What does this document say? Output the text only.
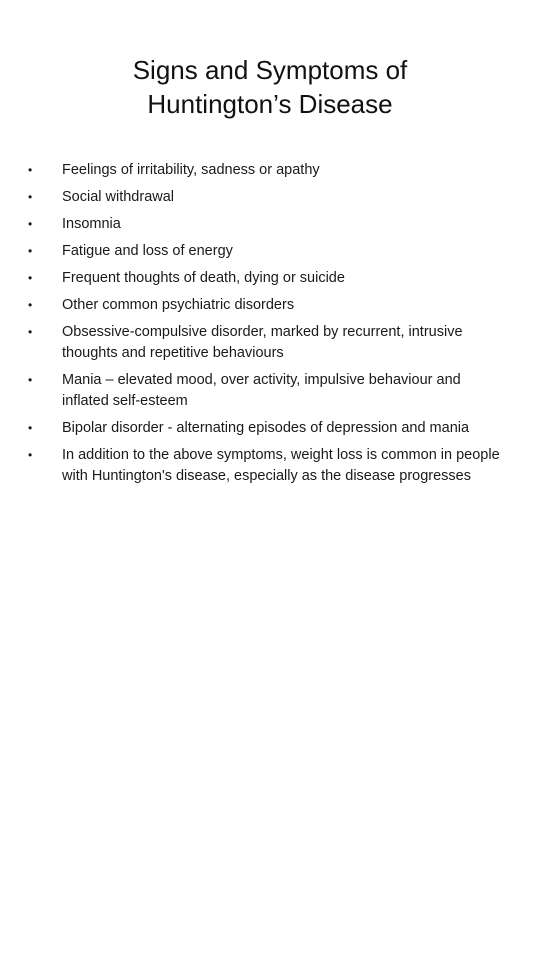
Signs and Symptoms of
Huntington’s Disease
•	Feelings of irritability, sadness or apathy
•	Social withdrawal
•	Insomnia
•	Fatigue and loss of energy
•	Frequent thoughts of death, dying or suicide
•	Other common psychiatric disorders
•	Obsessive-compulsive disorder, marked by recurrent, intrusive thoughts and repetitive behaviours
•	Mania – elevated mood, over activity, impulsive behaviour and inflated self-esteem
•	Bipolar disorder - alternating episodes of depression and mania
•	In addition to the above symptoms, weight loss is common in people with Huntington's disease, especially as the disease progresses
